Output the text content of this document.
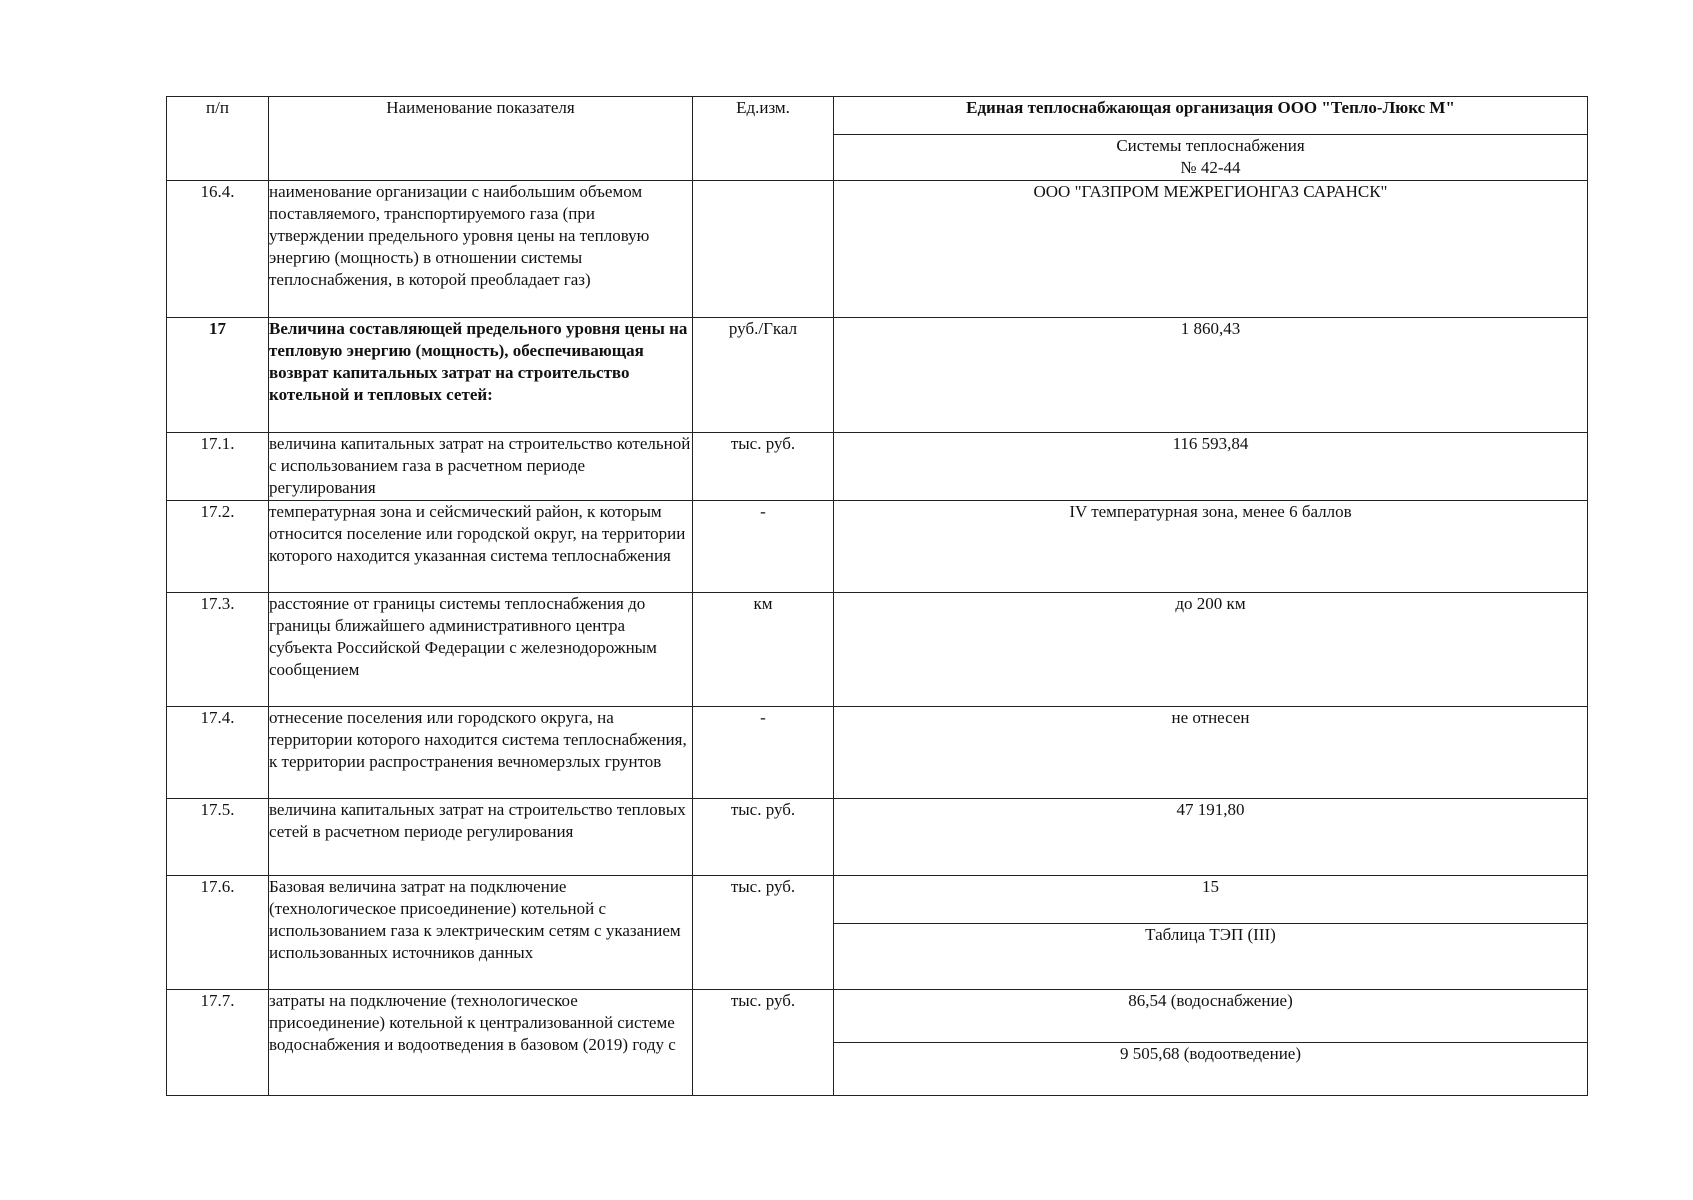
п/п	Наименование показателя	Ед.изм.	Единая теплоснабжающая организация ООО "Тепло-Люкс М"

			Системы теплоснабжения
№ 42-44

16.4.	наименование организации с наибольшим объемом поставляемого, транспортируемого газа (при утверждении предельного уровня цены на тепловую энергию (мощность) в отношении системы теплоснабжения, в которой преобладает газ)		ООО "ГАЗПРОМ МЕЖРЕГИОНГАЗ САРАНСК"
17	Величина составляющей предельного уровня цены на тепловую энергию (мощность), обеспечивающая возврат капитальных затрат на строительство котельной и тепловых сетей:	руб./Гкал	1 860,43
17.1.	величина капитальных затрат на строительство котельной с использованием газа в расчетном периоде регулирования	тыс. руб.	116 593,84
17.2.	температурная зона и сейсмический район, к которым относится поселение или городской округ, на территории которого находится указанная система теплоснабжения	-	IV температурная зона, менее 6 баллов
17.3.	расстояние от границы системы теплоснабжения до границы ближайшего административного центра субъекта Российской Федерации с железнодорожным сообщением	км	до 200 км
17.4.	отнесение поселения или городского округа, на территории которого находится система теплоснабжения, к территории распространения вечномерзлых грунтов	-	не отнесен
17.5.	величина капитальных затрат на строительство тепловых сетей в расчетном периоде регулирования	тыс. руб.	47 191,80
17.6.	Базовая величина затрат на подключение (технологическое присоединение) котельной с использованием газа к электрическим сетям с указанием использованных источников данных	тыс. руб.	15
			Таблица ТЭП (III)
17.7.	затраты на подключение (технологическое присоединение) котельной к централизованной системе водоснабжения и водоотведения в базовом (2019) году с	тыс. руб.	86,54 (водоснабжение)
			9 505,68 (водоотведение)
